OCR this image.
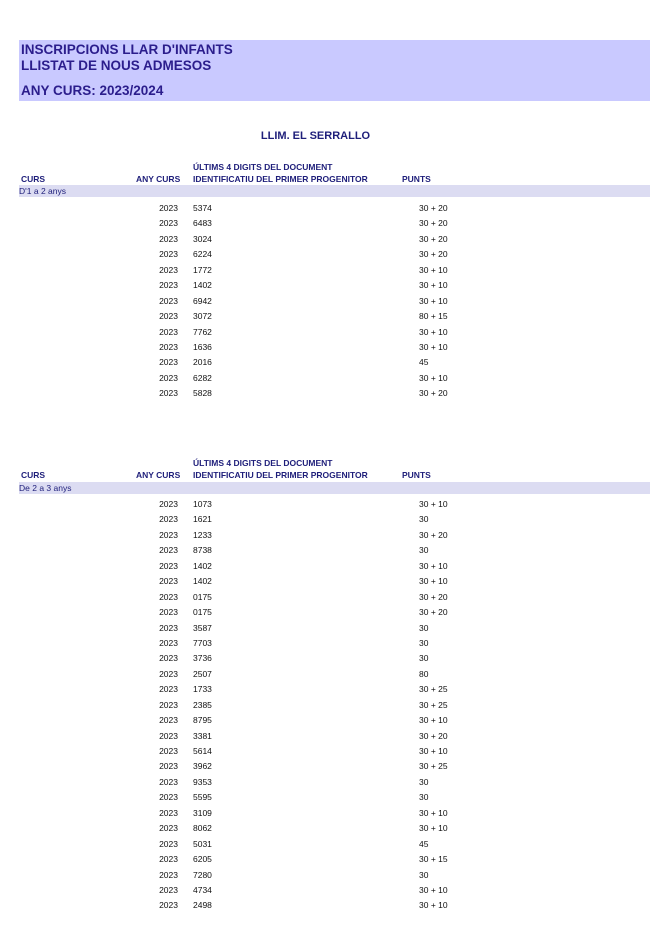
INSCRIPCIONS LLAR D'INFANTS
LLISTAT DE NOUS ADMESOS
ANY CURS: 2023/2024
LLIM. EL SERRALLO
CURS	ANY CURS
ÚLTIMS 4 DIGITS DEL DOCUMENT
IDENTIFICATIU DEL PRIMER PROGENITOR	PUNTS
D'1 a 2 anys
2023 5374	30 + 20
2023 6483	30 + 20
2023 3024	30 + 20
2023 6224	30 + 20
2023 1772	30 + 10
2023 1402	30 + 10
2023 6942	30 + 10
2023 3072	80 + 15
2023 7762	30 + 10
2023 1636	30 + 10
2023 2016	45
2023 6282	30 + 10
2023 5828	30 + 20
CURS	ANY CURS
ÚLTIMS 4 DIGITS DEL DOCUMENT
IDENTIFICATIU DEL PRIMER PROGENITOR	PUNTS
De 2 a 3 anys
2023 1073	30 + 10
2023 1621	30
2023 1233	30 + 20
2023 8738	30
2023 1402	30 + 10
2023 1402	30 + 10
2023 0175	30 + 20
2023 0175	30 + 20
2023 3587	30
2023 7703	30
2023 3736	30
2023 2507	80
2023 1733	30 + 25
2023 2385	30 + 25
2023 8795	30 + 10
2023 3381	30 + 20
2023 5614	30 + 10
2023 3962	30 + 25
2023 9353	30
2023 5595	30
2023 3109	30 + 10
2023 8062	30 + 10
2023 5031	45
2023 6205	30 + 15
2023 7280	30
2023 4734	30 + 10
2023 2498	30 + 10
